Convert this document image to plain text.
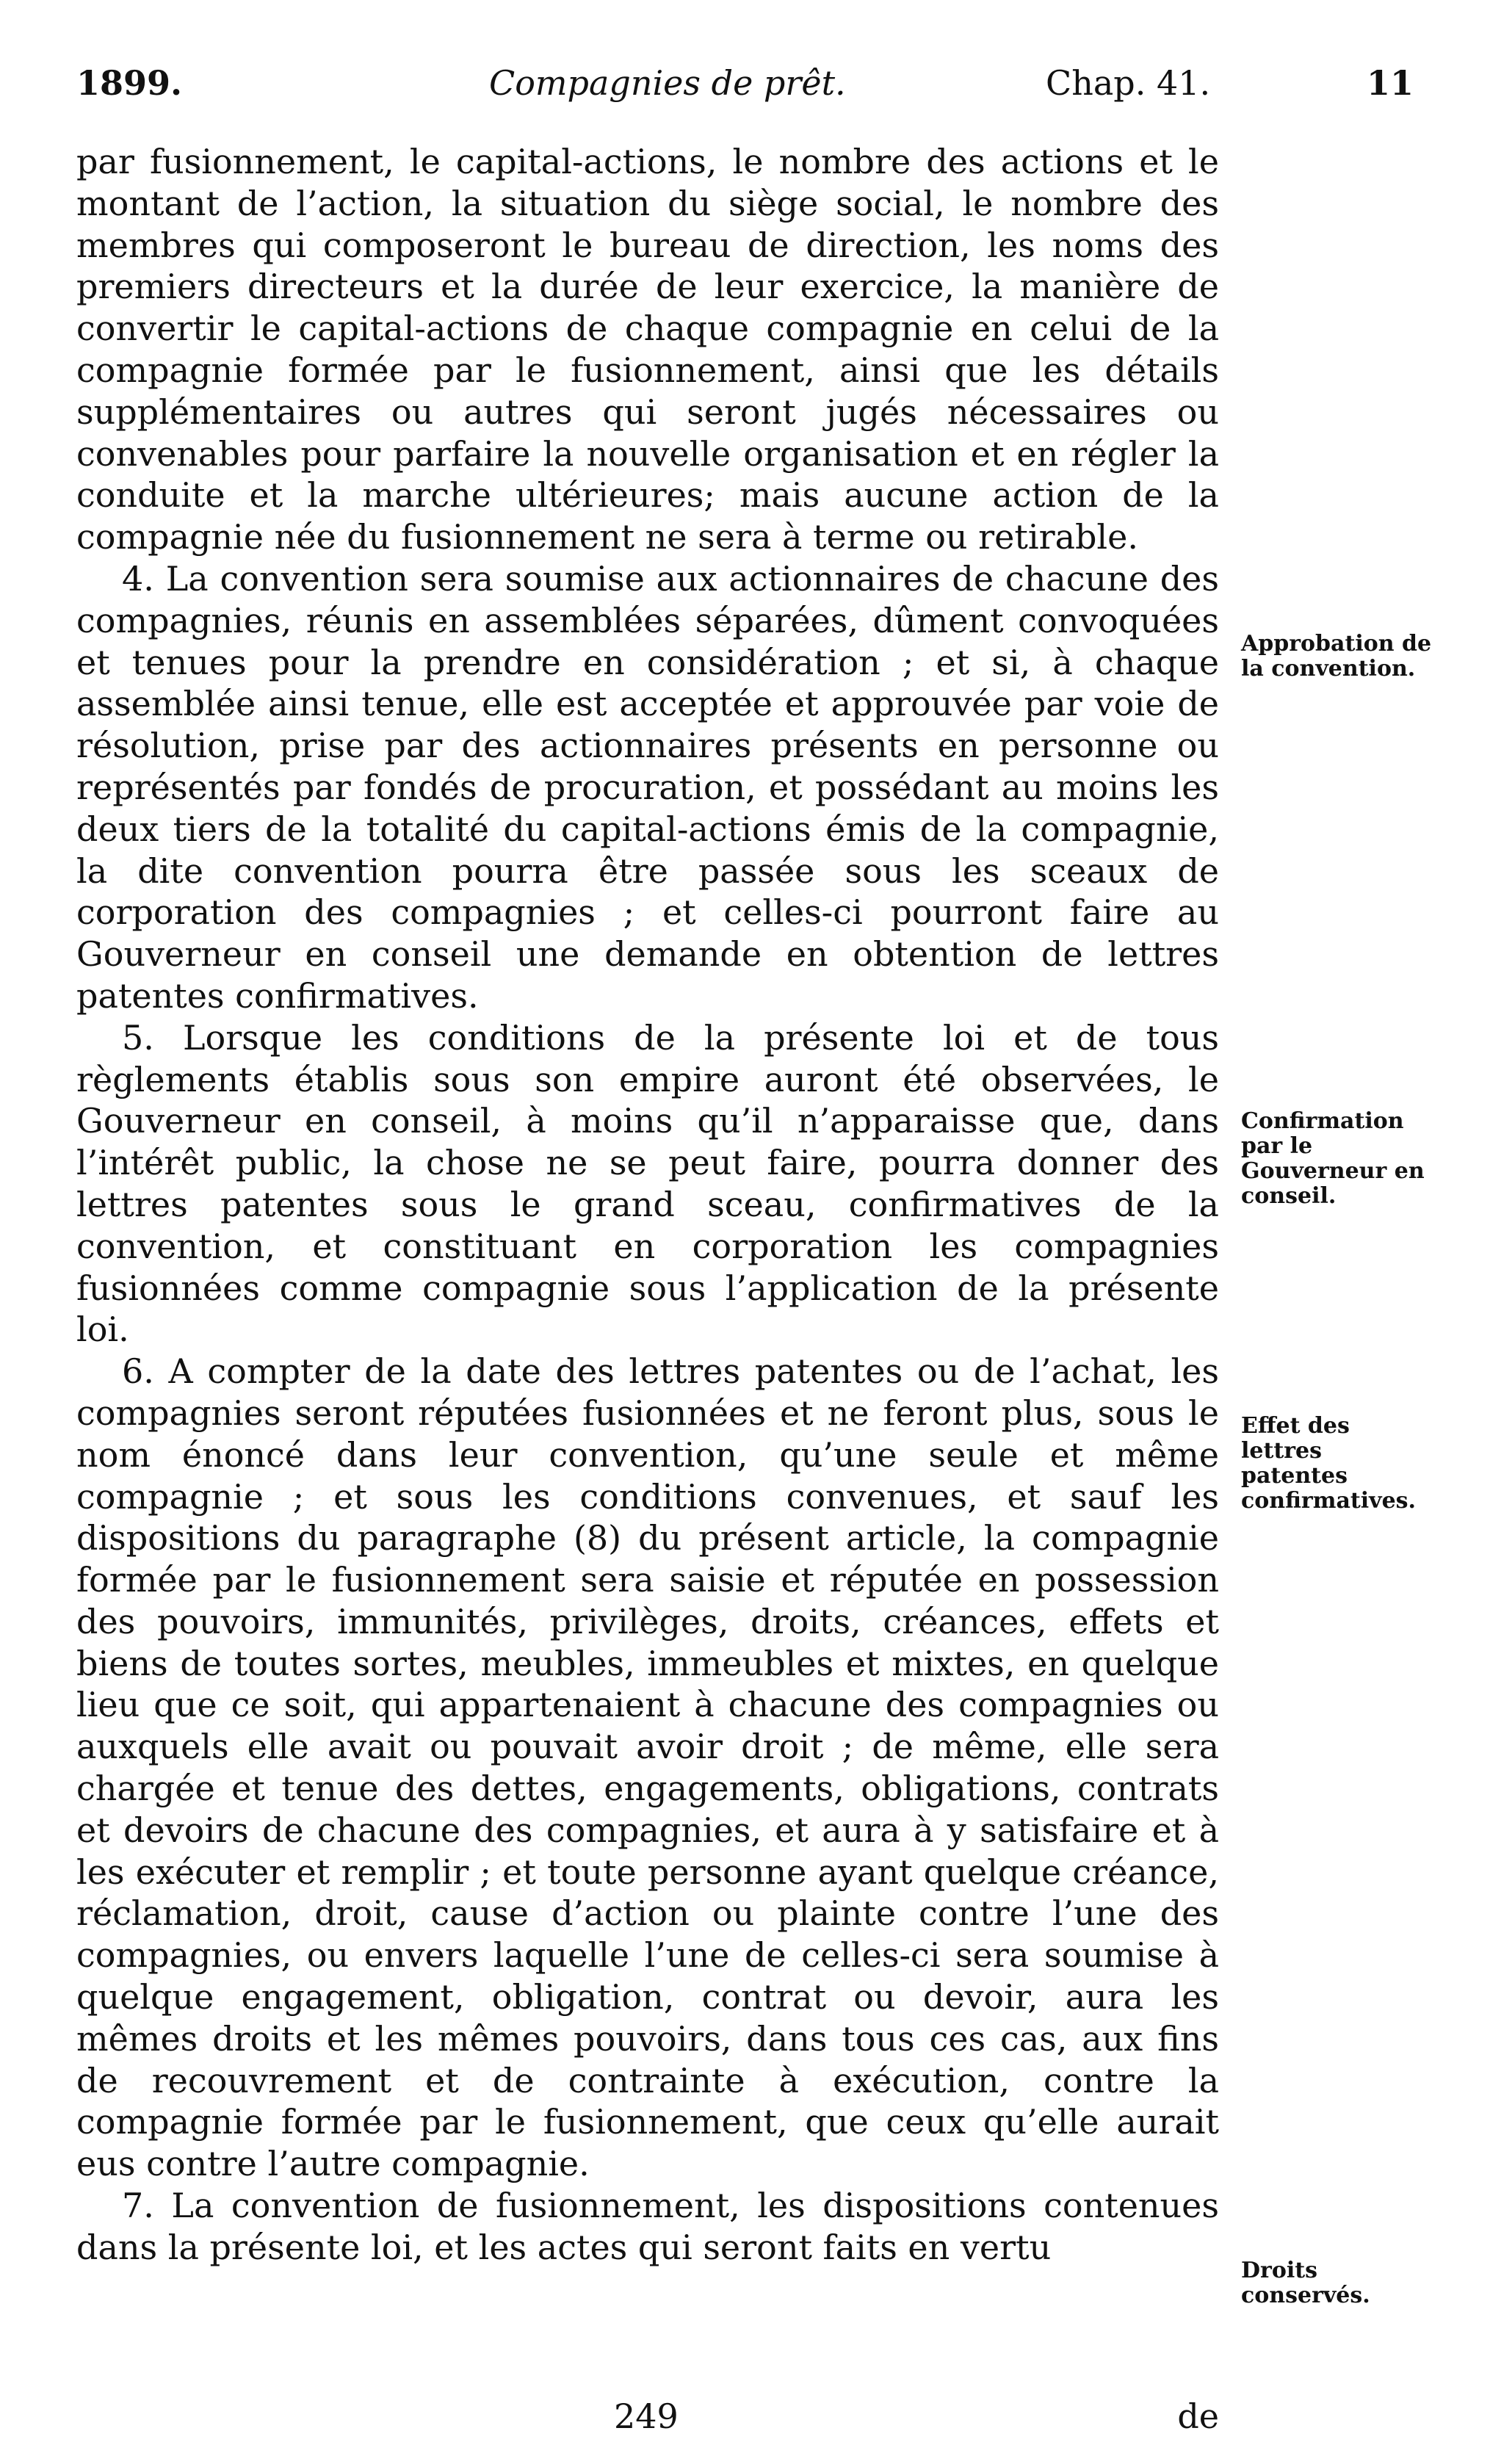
1899.	Compagnies de prêt.	Chap. 41.	11

par fusionnement, le capital-actions, le nombre des actions et le montant de l’action, la situation du siège social, le nombre des membres qui composeront le bureau de direction, les noms des premiers directeurs et la durée de leur exercice, la manière de convertir le capital-actions de chaque compagnie en celui de la compagnie formée par le fusionnement, ainsi que les détails supplémentaires ou autres qui seront jugés nécessaires ou convenables pour parfaire la nouvelle organisation et en régler la conduite et la marche ultérieures; mais aucune action de la compagnie née du fusionnement ne sera à terme ou retirable.

4. La convention sera soumise aux actionnaires de chacune des compagnies, réunis en assemblées séparées, dûment convoquées et tenues pour la prendre en considération ; et si, à chaque assemblée ainsi tenue, elle est acceptée et approuvée par voie de résolution, prise par des actionnaires présents en personne ou représentés par fondés de procuration, et possédant au moins les deux tiers de la totalité du capital-actions émis de la compagnie, la dite convention pourra être passée sous les sceaux de corporation des compagnies ; et celles-ci pourront faire au Gouverneur en conseil une demande en obtention de lettres patentes confirmatives.

5. Lorsque les conditions de la présente loi et de tous règlements établis sous son empire auront été observées, le Gouverneur en conseil, à moins qu’il n’apparaisse que, dans l’intérêt public, la chose ne se peut faire, pourra donner des lettres patentes sous le grand sceau, confirmatives de la convention, et constituant en corporation les compagnies fusionnées comme compagnie sous l’application de la présente loi.

6. A compter de la date des lettres patentes ou de l’achat, les compagnies seront réputées fusionnées et ne feront plus, sous le nom énoncé dans leur convention, qu’une seule et même compagnie ; et sous les conditions convenues, et sauf les dispositions du paragraphe (8) du présent article, la compagnie formée par le fusionnement sera saisie et réputée en possession des pouvoirs, immunités, privilèges, droits, créances, effets et biens de toutes sortes, meubles, immeubles et mixtes, en quelque lieu que ce soit, qui appartenaient à chacune des compagnies ou auxquels elle avait ou pouvait avoir droit ; de même, elle sera chargée et tenue des dettes, engagements, obligations, contrats et devoirs de chacune des compagnies, et aura à y satisfaire et à les exécuter et remplir ; et toute personne ayant quelque créance, réclamation, droit, cause d’action ou plainte contre l’une des compagnies, ou envers laquelle l’une de celles-ci sera soumise à quelque engagement, obligation, contrat ou devoir, aura les mêmes droits et les mêmes pouvoirs, dans tous ces cas, aux fins de recouvrement et de contrainte à exécution, contre la compagnie formée par le fusionnement, que ceux qu’elle aurait eus contre l’autre compagnie.

7. La convention de fusionnement, les dispositions contenues dans la présente loi, et les actes qui seront faits en vertu

Approbation de la convention.
Confirmation par le Gouverneur en conseil.
Effet des lettres patentes confirmatives.
Droits conservés.
249	de
